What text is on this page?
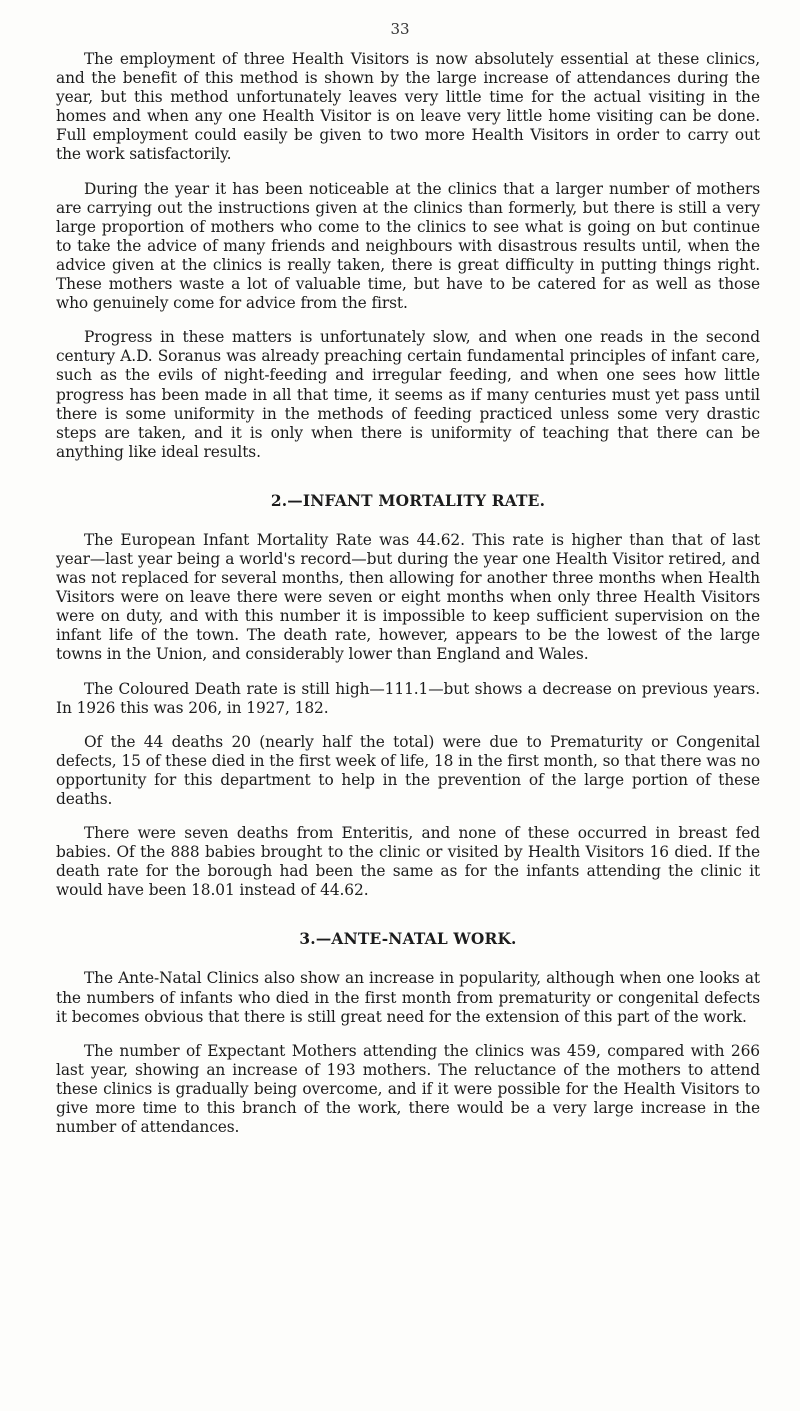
33

The employment of three Health Visitors is now absolutely essential at these clinics, and the benefit of this method is shown by the large increase of attendances during the year, but this method unfortunately leaves very little time for the actual visiting in the homes and when any one Health Visitor is on leave very little home visiting can be done. Full employment could easily be given to two more Health Visitors in order to carry out the work satisfactorily.

During the year it has been noticeable at the clinics that a larger number of mothers are carrying out the instructions given at the clinics than formerly, but there is still a very large proportion of mothers who come to the clinics to see what is going on but continue to take the advice of many friends and neighbours with disastrous results until, when the advice given at the clinics is really taken, there is great difficulty in putting things right. These mothers waste a lot of valuable time, but have to be catered for as well as those who genuinely come for advice from the first.

Progress in these matters is unfortunately slow, and when one reads in the second century A.D. Soranus was already preaching certain fundamental principles of infant care, such as the evils of night-feeding and irregular feeding, and when one sees how little progress has been made in all that time, it seems as if many centuries must yet pass until there is some uniformity in the methods of feeding practiced unless some very drastic steps are taken, and it is only when there is uniformity of teaching that there can be anything like ideal results.

2.—INFANT MORTALITY RATE.

The European Infant Mortality Rate was 44.62. This rate is higher than that of last year—last year being a world's record—but during the year one Health Visitor retired, and was not replaced for several months, then allowing for another three months when Health Visitors were on leave there were seven or eight months when only three Health Visitors were on duty, and with this number it is impossible to keep sufficient supervision on the infant life of the town. The death rate, however, appears to be the lowest of the large towns in the Union, and considerably lower than England and Wales.

The Coloured Death rate is still high—111.1—but shows a decrease on previous years. In 1926 this was 206, in 1927, 182.

Of the 44 deaths 20 (nearly half the total) were due to Prematurity or Congenital defects, 15 of these died in the first week of life, 18 in the first month, so that there was no opportunity for this department to help in the prevention of the large portion of these deaths.

There were seven deaths from Enteritis, and none of these occurred in breast fed babies. Of the 888 babies brought to the clinic or visited by Health Visitors 16 died. If the death rate for the borough had been the same as for the infants attending the clinic it would have been 18.01 instead of 44.62.

3.—ANTE-NATAL WORK.

The Ante-Natal Clinics also show an increase in popularity, although when one looks at the numbers of infants who died in the first month from prematurity or congenital defects it becomes obvious that there is still great need for the extension of this part of the work.

The number of Expectant Mothers attending the clinics was 459, compared with 266 last year, showing an increase of 193 mothers. The reluctance of the mothers to attend these clinics is gradually being overcome, and if it were possible for the Health Visitors to give more time to this branch of the work, there would be a very large increase in the number of attendances.
